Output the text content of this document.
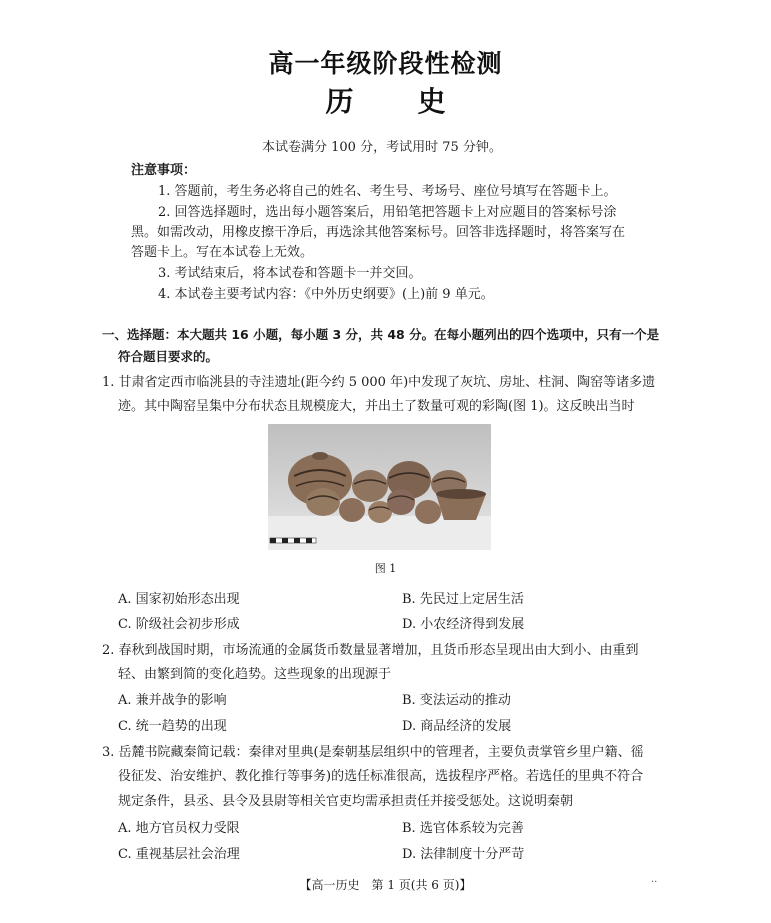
高一年级阶段性检测
历 史
本试卷满分 100 分，考试用时 75 分钟。
注意事项：
1. 答题前，考生务必将自己的姓名、考生号、考场号、座位号填写在答题卡上。
2. 回答选择题时，选出每小题答案后，用铅笔把答题卡上对应题目的答案标号涂
黑。如需改动，用橡皮擦干净后，再选涂其他答案标号。回答非选择题时，将答案写在
答题卡上。写在本试卷上无效。
3. 考试结束后，将本试卷和答题卡一并交回。
4. 本试卷主要考试内容：《中外历史纲要》(上)前 9 单元。
一、选择题：本大题共 16 小题，每小题 3 分，共 48 分。在每小题列出的四个选项中，只有一个是
符合题目要求的。
1. 甘肃省定西市临洮县的寺洼遗址(距今约 5 000 年)中发现了灰坑、房址、柱洞、陶窑等诸多遗
迹。其中陶窑呈集中分布状态且规模庞大，并出土了数量可观的彩陶(图 1)。这反映出当时
图 1
A. 国家初始形态出现	B. 先民过上定居生活
C. 阶级社会初步形成	D. 小农经济得到发展
2. 春秋到战国时期，市场流通的金属货币数量显著增加，且货币形态呈现出由大到小、由重到
轻、由繁到简的变化趋势。这些现象的出现源于
A. 兼并战争的影响	B. 变法运动的推动
C. 统一趋势的出现	D. 商品经济的发展
3. 岳麓书院藏秦简记载：秦律对里典(是秦朝基层组织中的管理者，主要负责掌管乡里户籍、徭
役征发、治安维护、教化推行等事务)的选任标准很高，选拔程序严格。若选任的里典不符合
规定条件，县丞、县令及县尉等相关官吏均需承担责任并接受惩处。这说明秦朝
A. 地方官员权力受限	B. 选官体系较为完善
C. 重视基层社会治理	D. 法律制度十分严苛
【高一历史　第 1 页(共 6 页)】	··
